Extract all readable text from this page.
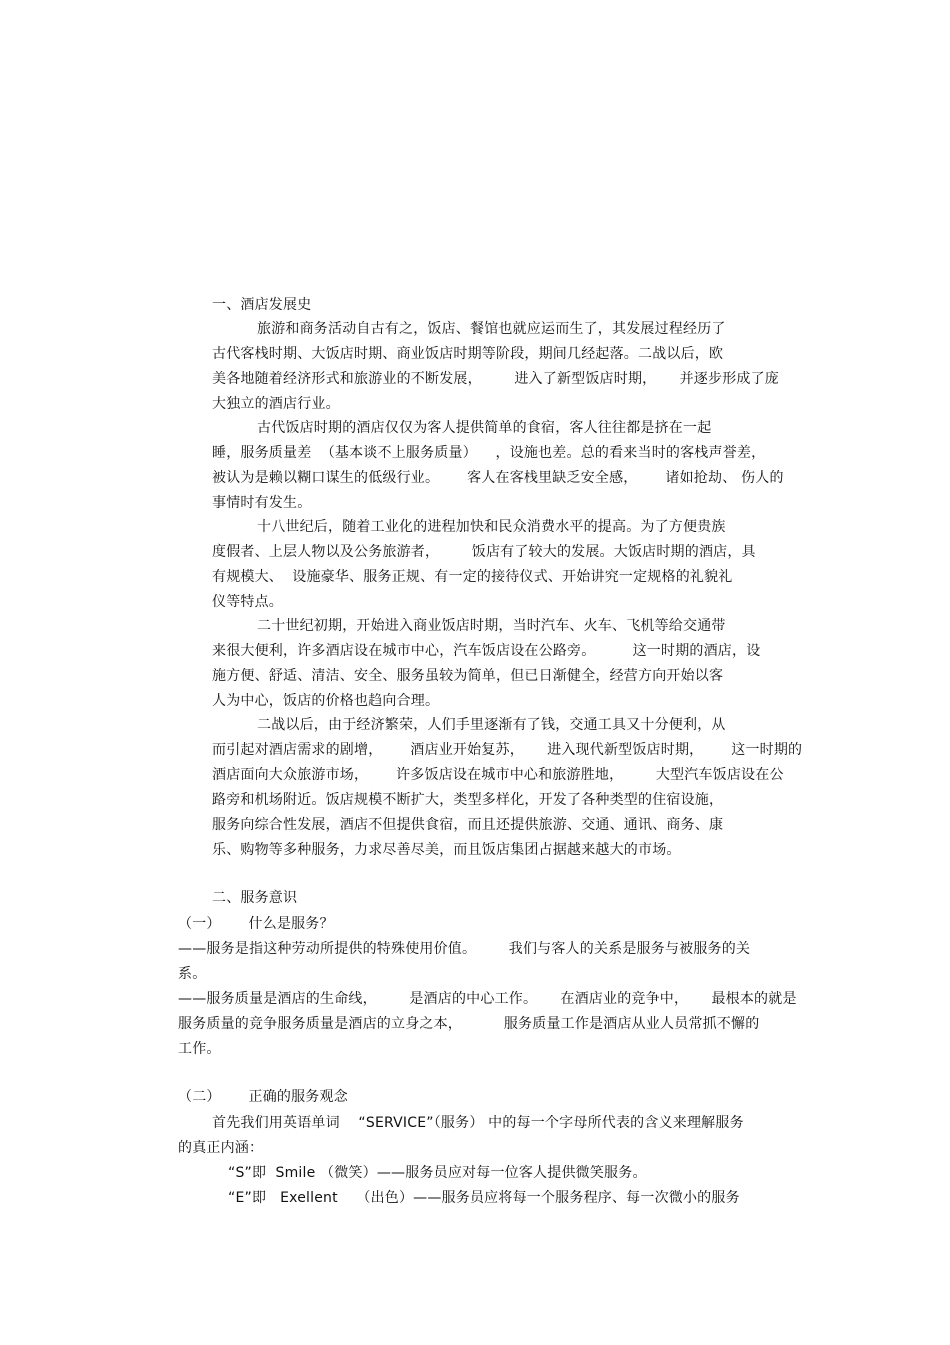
一、酒店发展史
旅游和商务活动自古有之，饭店、餐馆也就应运而生了，其发展过程经历了
古代客栈时期、大饭店时期、商业饭店时期等阶段，期间几经起落。二战以后，欧
美各地随着经济形式和旅游业的不断发展，       进入了新型饭店时期，     并逐步形成了庞
大独立的酒店行业。
古代饭店时期的酒店仅仅为客人提供简单的食宿，客人往往都是挤在一起
睡，服务质量差  （基本谈不上服务质量）    ，设施也差。总的看来当时的客栈声誉差，
被认为是赖以糊口谋生的低级行业。      客人在客栈里缺乏安全感，      诸如抢劫、 伤人的
事情时有发生。
十八世纪后，随着工业化的进程加快和民众消费水平的提高。为了方便贵族
度假者、上层人物以及公务旅游者，       饭店有了较大的发展。大饭店时期的酒店，具
有规模大、  设施豪华、服务正规、有一定的接待仪式、开始讲究一定规格的礼貌礼
仪等特点。
二十世纪初期，开始进入商业饭店时期，当时汽车、火车、飞机等给交通带
来很大便利，许多酒店设在城市中心，汽车饭店设在公路旁。        这一时期的酒店，设
施方便、舒适、清洁、安全、服务虽较为简单，但已日渐健全，经营方向开始以客
人为中心，饭店的价格也趋向合理。
二战以后，由于经济繁荣，人们手里逐渐有了钱，交通工具又十分便利，从
而引起对酒店需求的剧增，      酒店业开始复苏，     进入现代新型饭店时期，      这一时期的
酒店面向大众旅游市场，      许多饭店设在城市中心和旅游胜地，       大型汽车饭店设在公
路旁和机场附近。饭店规模不断扩大，类型多样化，开发了各种类型的住宿设施，
服务向综合性发展，酒店不但提供食宿，而且还提供旅游、交通、通讯、商务、康
乐、购物等多种服务，力求尽善尽美，而且饭店集团占据越来越大的市场。
二、服务意识
（一）      什么是服务？
——服务是指这种劳动所提供的特殊使用价值。       我们与客人的关系是服务与被服务的关
系。
——服务质量是酒店的生命线，       是酒店的中心工作。     在酒店业的竞争中，     最根本的就是
服务质量的竞争服务质量是酒店的立身之本，         服务质量工作是酒店从业人员常抓不懈的
工作。
（二）      正确的服务观念
首先我们用英语单词    “SERVICE”（服务） 中的每一个字母所代表的含义来理解服务
的真正内涵：
“S”即  Smile （微笑）——服务员应对每一位客人提供微笑服务。
“E”即   Exellent    （出色）——服务员应将每一个服务程序、每一次微小的服务
